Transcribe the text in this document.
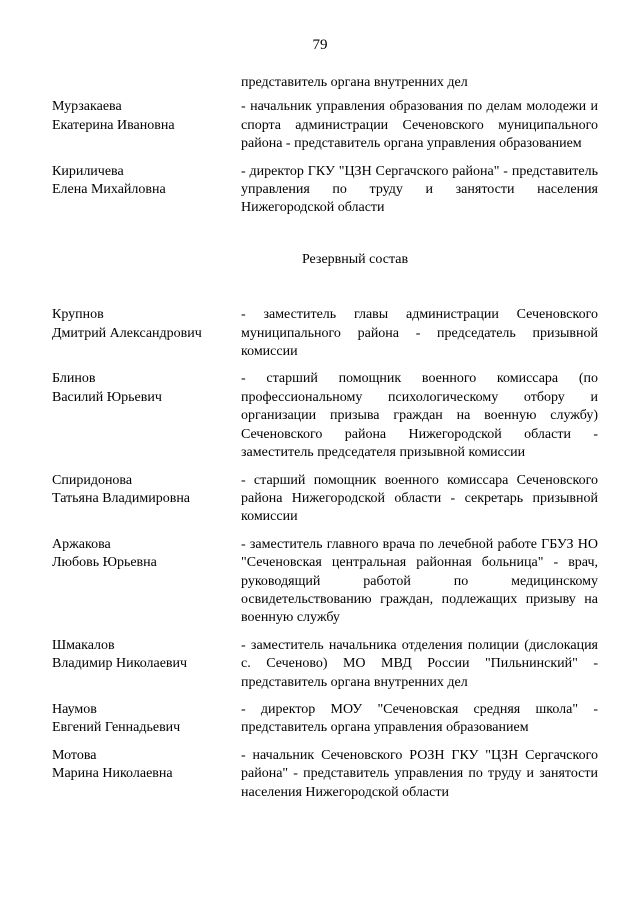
79
представитель органа внутренних дел
Мурзакаева
Екатерина Ивановна
- начальник управления образования по делам молодежи и спорта администрации Сеченовского муниципального района - представитель органа управления образованием
Кириличева
Елена Михайловна
- директор ГКУ "ЦЗН Сергачского района" - представитель управления по труду и занятости населения Нижегородской области
Резервный состав
Крупнов
Дмитрий Александрович
- заместитель главы администрации Сеченовского муниципального района - председатель призывной комиссии
Блинов
Василий Юрьевич
- старший помощник военного комиссара (по профессиональному психологическому отбору и организации призыва граждан на военную службу) Сеченовского района Нижегородской области - заместитель председателя призывной комиссии
Спиридонова
Татьяна Владимировна
- старший помощник военного комиссара Сеченовского района Нижегородской области - секретарь призывной комиссии
Аржакова
Любовь Юрьевна
- заместитель главного врача по лечебной работе ГБУЗ НО "Сеченовская центральная районная больница" - врач, руководящий работой по медицинскому освидетельствованию граждан, подлежащих призыву на военную службу
Шмакалов
Владимир Николаевич
- заместитель начальника отделения полиции (дислокация с. Сеченово) МО МВД России "Пильнинский" - представитель органа внутренних дел
Наумов
Евгений Геннадьевич
- директор МОУ "Сеченовская средняя школа" - представитель органа управления образованием
Мотова
Марина Николаевна
- начальник Сеченовского РОЗН ГКУ "ЦЗН Сергачского района" - представитель управления по труду и занятости населения Нижегородской области
